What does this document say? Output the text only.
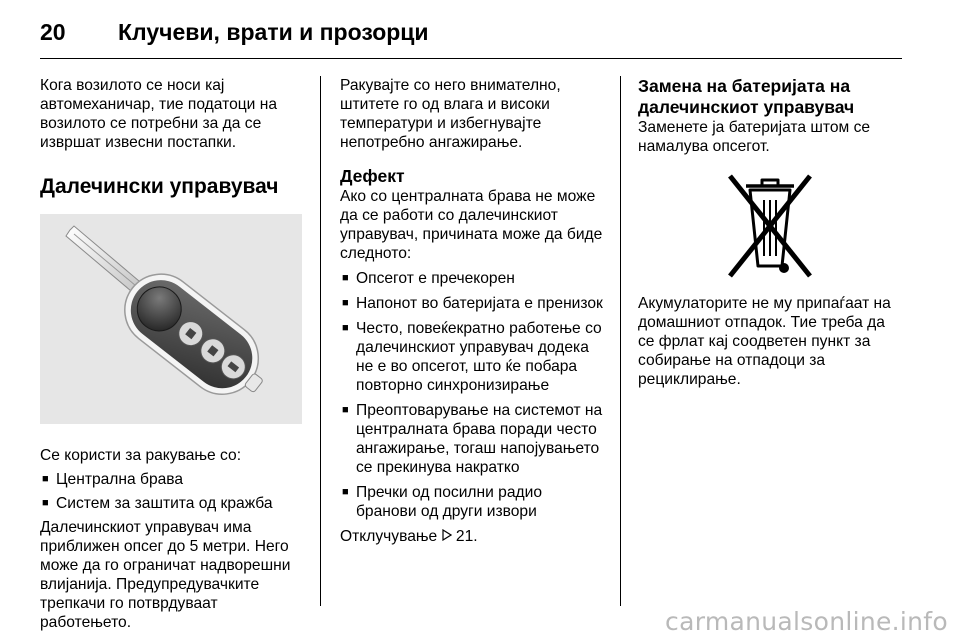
20	Клучеви, врати и прозорци

Кога возилото се носи кај автомеханичар, тие податоци на возилото се потребни за да се извршат извесни постапки.

Далечински управувач

Се користи за ракување со:

■ Централна брава
■ Систем за заштита од кражба

Далечинскиот управувач има приближен опсег до 5 метри. Него може да го ограничат надворешни влијанија. Предупредувачките трепкачи го потврдуваат работењето.

Ракувајте со него внимателно, штитете го од влага и високи температури и избегнувајте непотребно ангажирање.

Дефект

Ако со централната брава не може да се работи со далечинскиот управувач, причината може да биде следното:

■ Опсегот е пречекорен
■ Напонот во батеријата е пренизок
■ Често, повеќекратно работење со далечинскиот управувач додека не е во опсегот, што ќе побара повторно синхронизирање
■ Преоптоварување на системот на централната брава поради често ангажирање, тогаш напојувањето се прекинува накратко
■ Пречки од посилни радио бранови од други извори

Отклучување 21.

Замена на батеријата на далечинскиот управувач

Заменете ја батеријата штом се намалува опсегот.

Акумулаторите не му припаѓаат на домашниот отпадок. Тие треба да се фрлат кај соодветен пункт за собирање на отпадоци за рециклирање.

carmanualsonline.info
